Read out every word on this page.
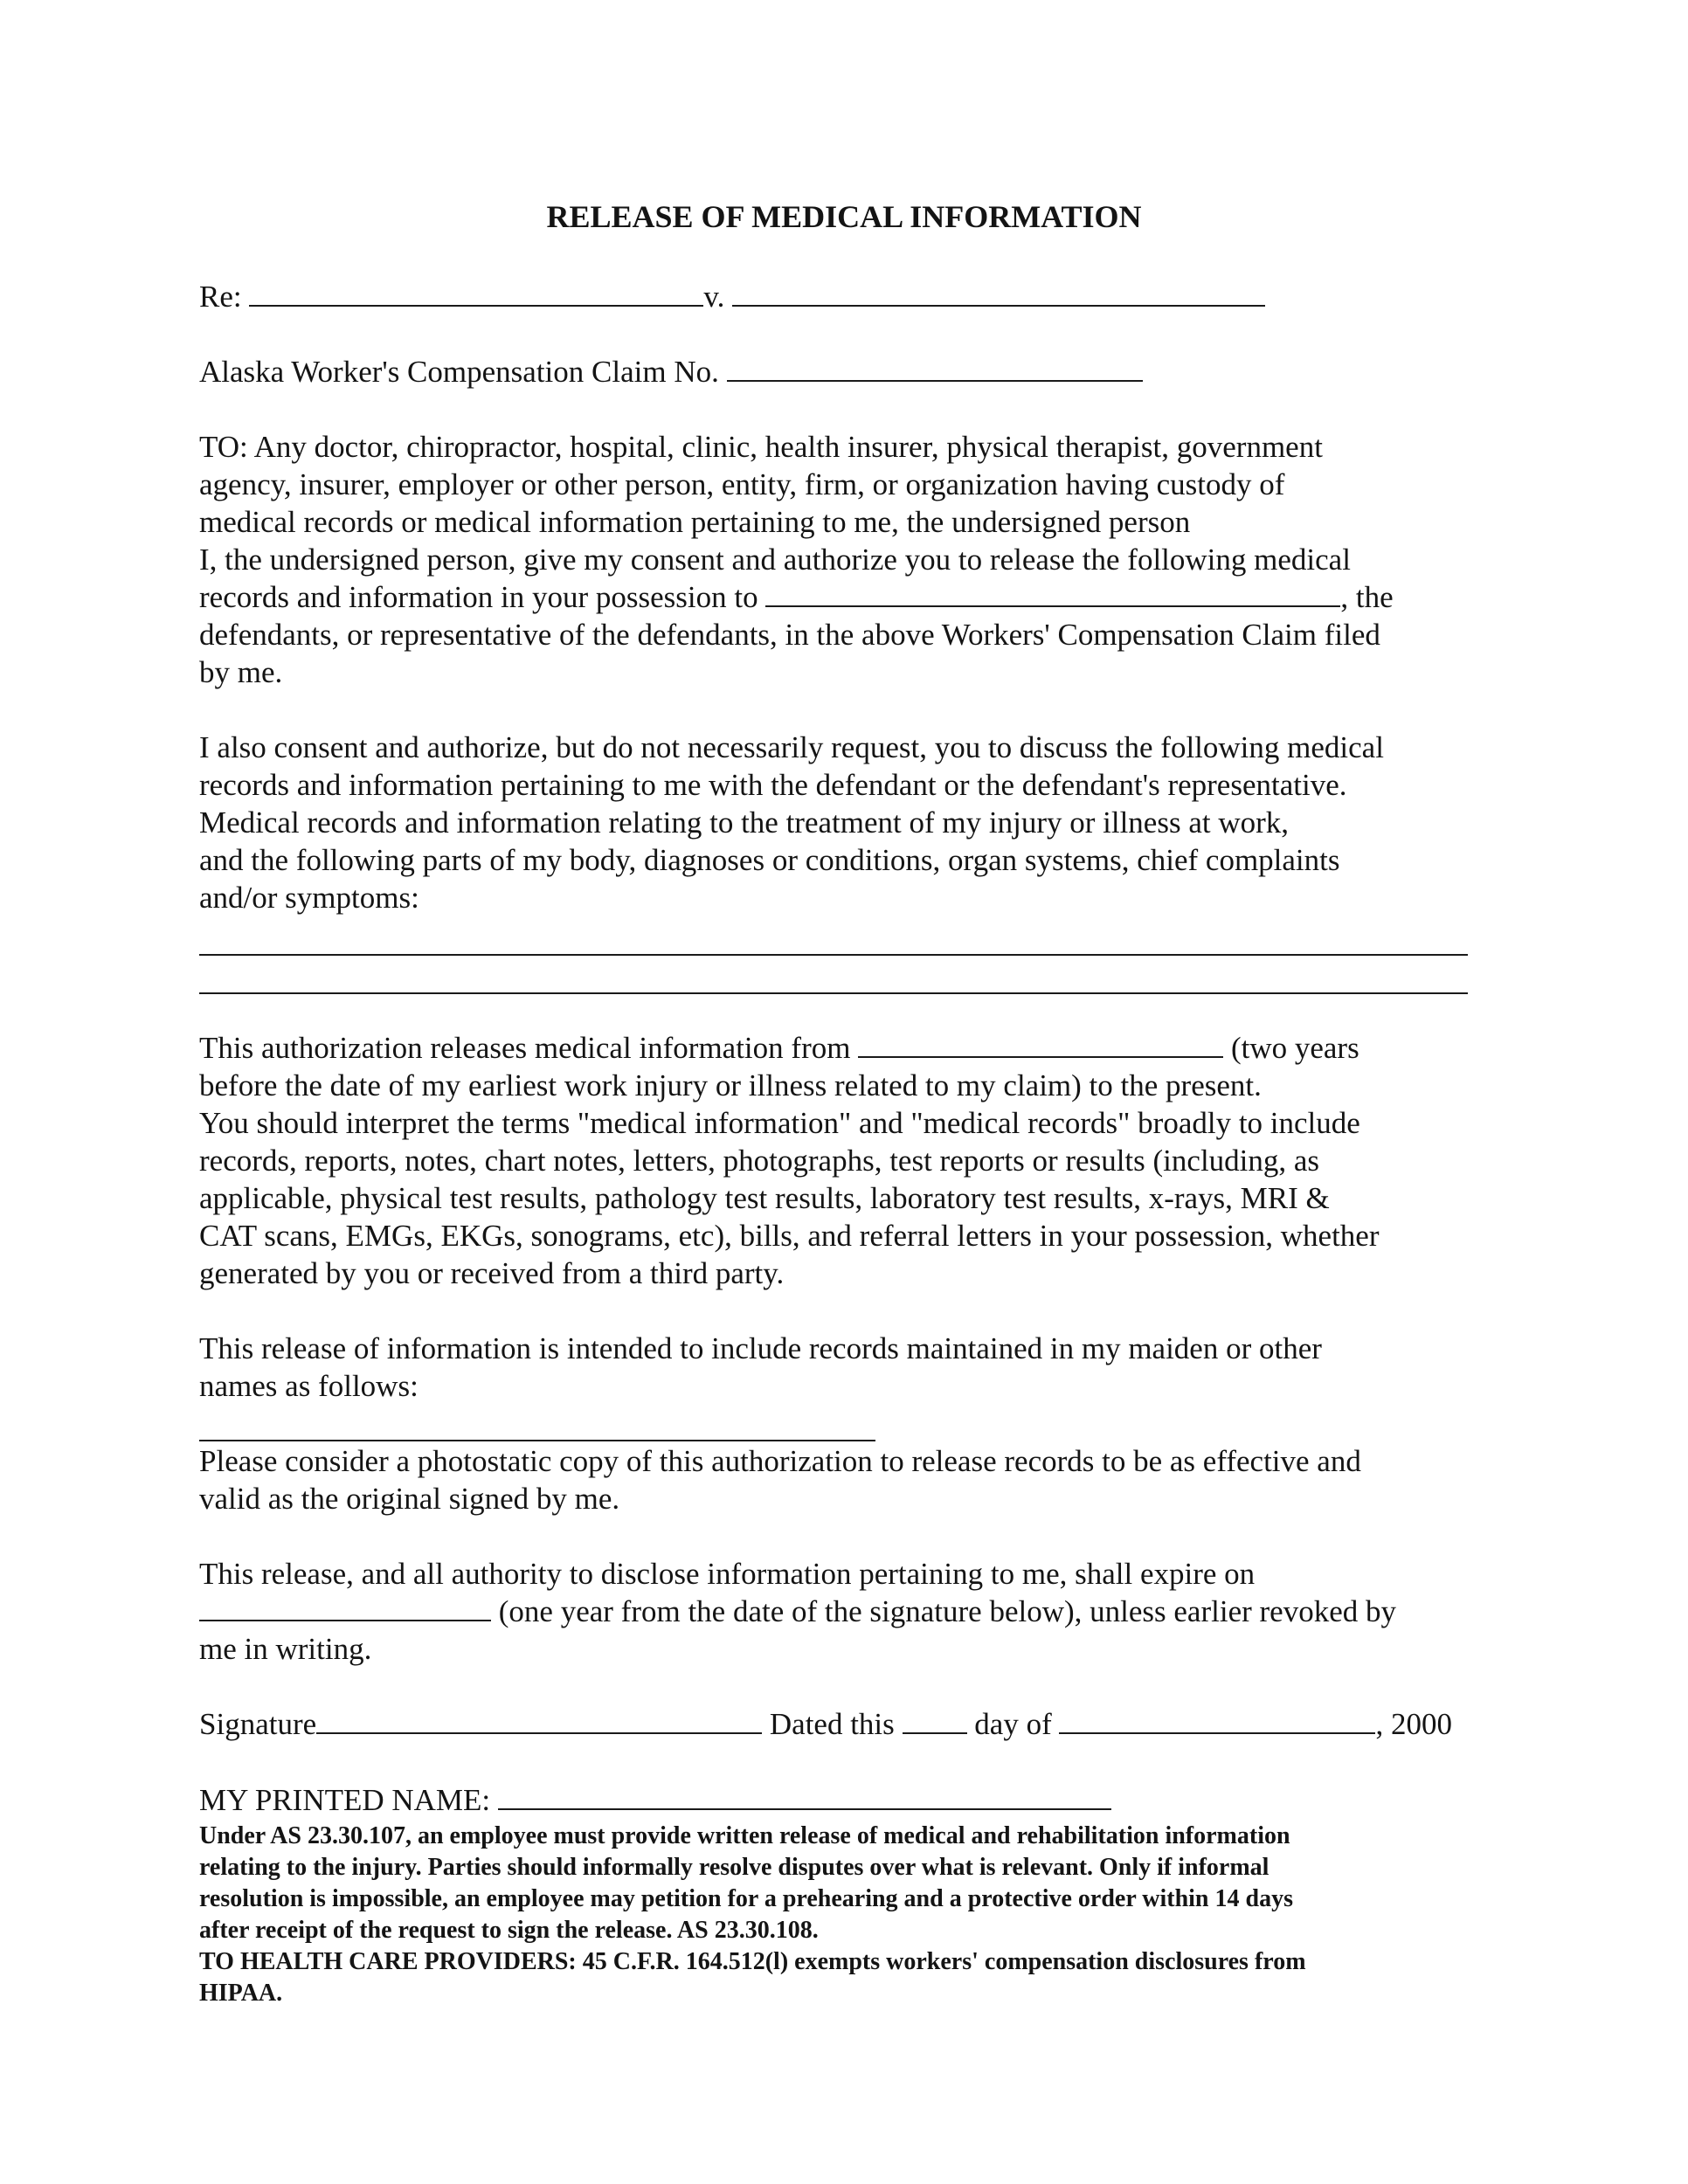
RELEASE OF MEDICAL INFORMATION
Re:	v.
Alaska Worker's Compensation Claim No.
TO: Any doctor, chiropractor, hospital, clinic, health insurer, physical therapist, government
agency, insurer, employer or other person, entity, firm, or organization having custody of
medical records or medical information pertaining to me, the undersigned person
I, the undersigned person, give my consent and authorize you to release the following medical
records and information in your possession to	, the
defendants, or representative of the defendants, in the above Workers' Compensation Claim filed
by me.
I also consent and authorize, but do not necessarily request, you to discuss the following medical
records and information pertaining to me with the defendant or the defendant's representative.
Medical records and information relating to the treatment of my injury or illness at work,
and the following parts of my body, diagnoses or conditions, organ systems, chief complaints
and/or symptoms:
This authorization releases medical information from	(two years
before the date of my earliest work injury or illness related to my claim) to the present.
You should interpret the terms "medical information" and "medical records" broadly to include
records, reports, notes, chart notes, letters, photographs, test reports or results (including, as
applicable, physical test results, pathology test results, laboratory test results, x-rays, MRI &
CAT scans, EMGs, EKGs, sonograms, etc), bills, and referral letters in your possession, whether
generated by you or received from a third party.
This release of information is intended to include records maintained in my maiden or other
names as follows:
Please consider a photostatic copy of this authorization to release records to be as effective and
valid as the original signed by me.
This release, and all authority to disclose information pertaining to me, shall expire on
(one year from the date of the signature below), unless earlier revoked by
me in writing.
Signature	Dated this	day of	, 2000
MY PRINTED NAME:
Under AS 23.30.107, an employee must provide written release of medical and rehabilitation information
relating to the injury. Parties should informally resolve disputes over what is relevant. Only if informal
resolution is impossible, an employee may petition for a prehearing and a protective order within 14 days
after receipt of the request to sign the release. AS 23.30.108.
TO HEALTH CARE PROVIDERS: 45 C.F.R. 164.512(l) exempts workers' compensation disclosures from
HIPAA.
